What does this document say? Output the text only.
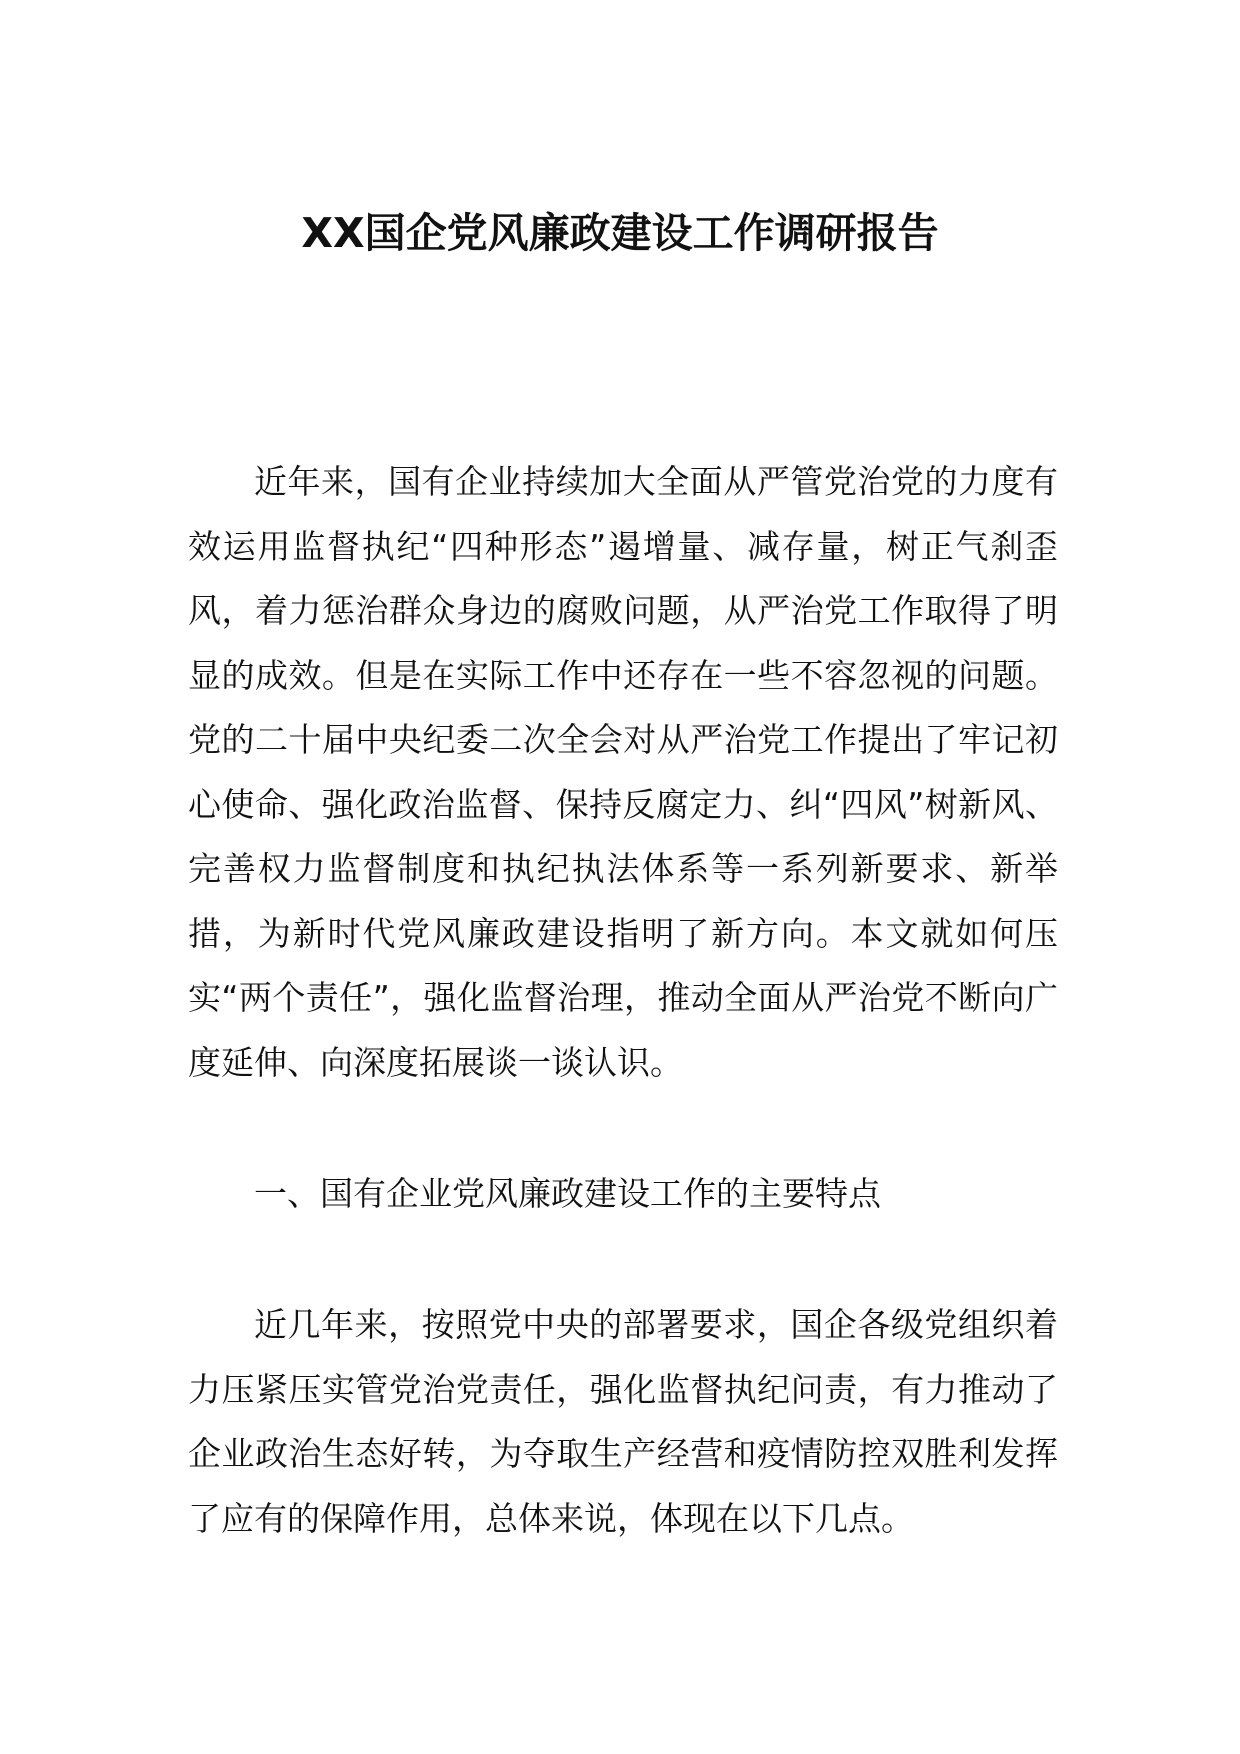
XX国企党风廉政建设工作调研报告

近年来，国有企业持续加大全面从严管党治党的力度有效运用监督执纪“四种形态”遏增量、减存量，树正气刹歪风，着力惩治群众身边的腐败问题，从严治党工作取得了明显的成效。但是在实际工作中还存在一些不容忽视的问题。党的二十届中央纪委二次全会对从严治党工作提出了牢记初心使命、强化政治监督、保持反腐定力、纠“四风”树新风、完善权力监督制度和执纪执法体系等一系列新要求、新举措，为新时代党风廉政建设指明了新方向。本文就如何压实“两个责任”，强化监督治理，推动全面从严治党不断向广度延伸、向深度拓展谈一谈认识。

一、国有企业党风廉政建设工作的主要特点

近几年来，按照党中央的部署要求，国企各级党组织着力压紧压实管党治党责任，强化监督执纪问责，有力推动了企业政治生态好转，为夺取生产经营和疫情防控双胜利发挥了应有的保障作用，总体来说，体现在以下几点。
